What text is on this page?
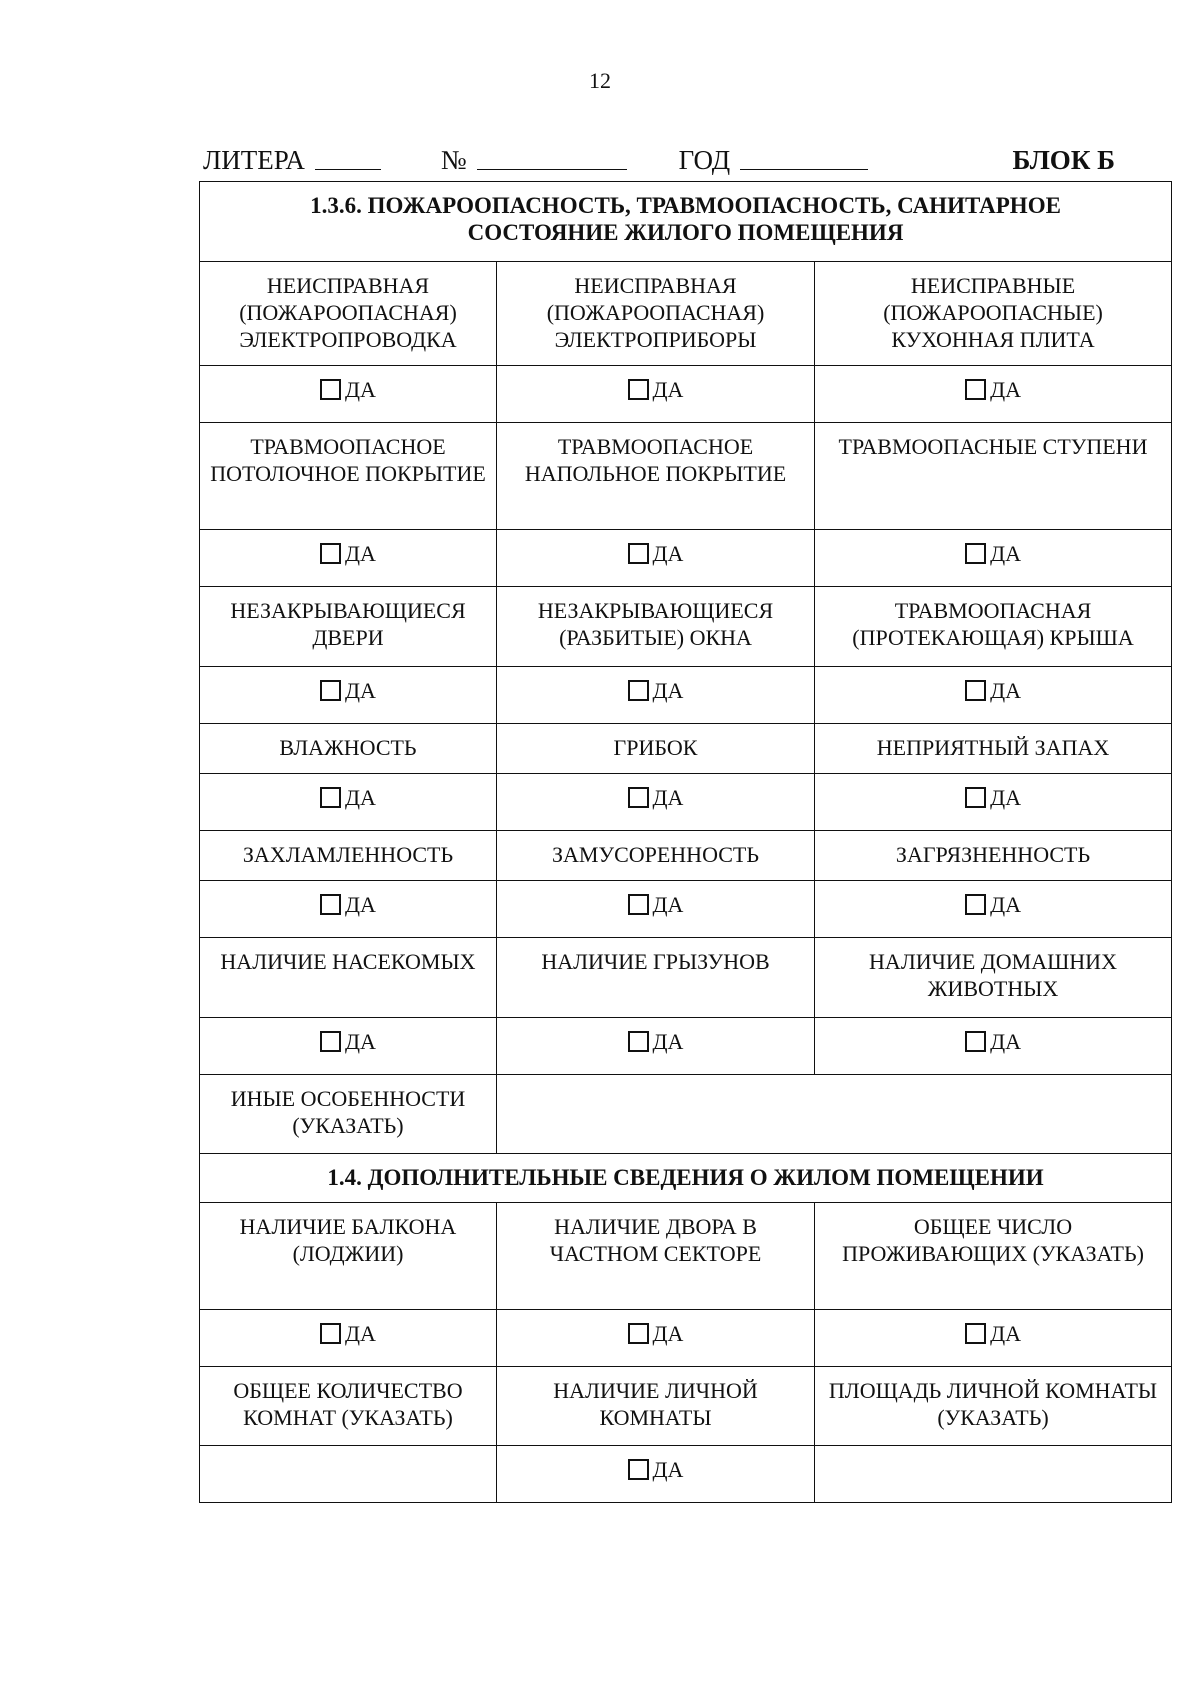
12
ЛИТЕРА	№	ГОД	БЛОК Б
1.3.6. ПОЖАРООПАСНОСТЬ, ТРАВМООПАСНОСТЬ, САНИТАРНОЕ
СОСТОЯНИЕ ЖИЛОГО ПОМЕЩЕНИЯ		
НЕИСПРАВНАЯ (ПОЖАРООПАСНАЯ) ЭЛЕКТРОПРОВОДКА	НЕИСПРАВНАЯ (ПОЖАРООПАСНАЯ) ЭЛЕКТРОПРИБОРЫ	НЕИСПРАВНЫЕ (ПОЖАРООПАСНЫЕ) КУХОННАЯ ПЛИТА

ДА	ДА	ДА

ТРАВМООПАСНОЕ ПОТОЛОЧНОЕ ПОКРЫТИЕ	ТРАВМООПАСНОЕ НАПОЛЬНОЕ ПОКРЫТИЕ	ТРАВМООПАСНЫЕ СТУПЕНИ

ДА	ДА	ДА

НЕЗАКРЫВАЮЩИЕСЯ ДВЕРИ	НЕЗАКРЫВАЮЩИЕСЯ (РАЗБИТЫЕ) ОКНА	ТРАВМООПАСНАЯ (ПРОТЕКАЮЩАЯ) КРЫША

ДА	ДА	ДА

ВЛАЖНОСТЬ	ГРИБОК	НЕПРИЯТНЫЙ ЗАПАХ

ДА	ДА	ДА

ЗАХЛАМЛЕННОСТЬ	ЗАМУСОРЕННОСТЬ	ЗАГРЯЗНЕННОСТЬ

ДА	ДА	ДА

НАЛИЧИЕ НАСЕКОМЫХ	НАЛИЧИЕ ГРЫЗУНОВ	НАЛИЧИЕ ДОМАШНИХ ЖИВОТНЫХ

ДА	ДА	ДА

ИНЫЕ ОСОБЕННОСТИ (УКАЗАТЬ)		
1.4. ДОПОЛНИТЕЛЬНЫЕ СВЕДЕНИЯ О ЖИЛОМ ПОМЕЩЕНИИ		
НАЛИЧИЕ БАЛКОНА (ЛОДЖИИ)	НАЛИЧИЕ ДВОРА В ЧАСТНОМ СЕКТОРЕ	ОБЩЕЕ ЧИСЛО ПРОЖИВАЮЩИХ (УКАЗАТЬ)

ДА	ДА	ДА

ОБЩЕЕ КОЛИЧЕСТВО КОМНАТ (УКАЗАТЬ)	НАЛИЧИЕ ЛИЧНОЙ КОМНАТЫ	ПЛОЩАДЬ ЛИЧНОЙ КОМНАТЫ (УКАЗАТЬ)

	ДА	
